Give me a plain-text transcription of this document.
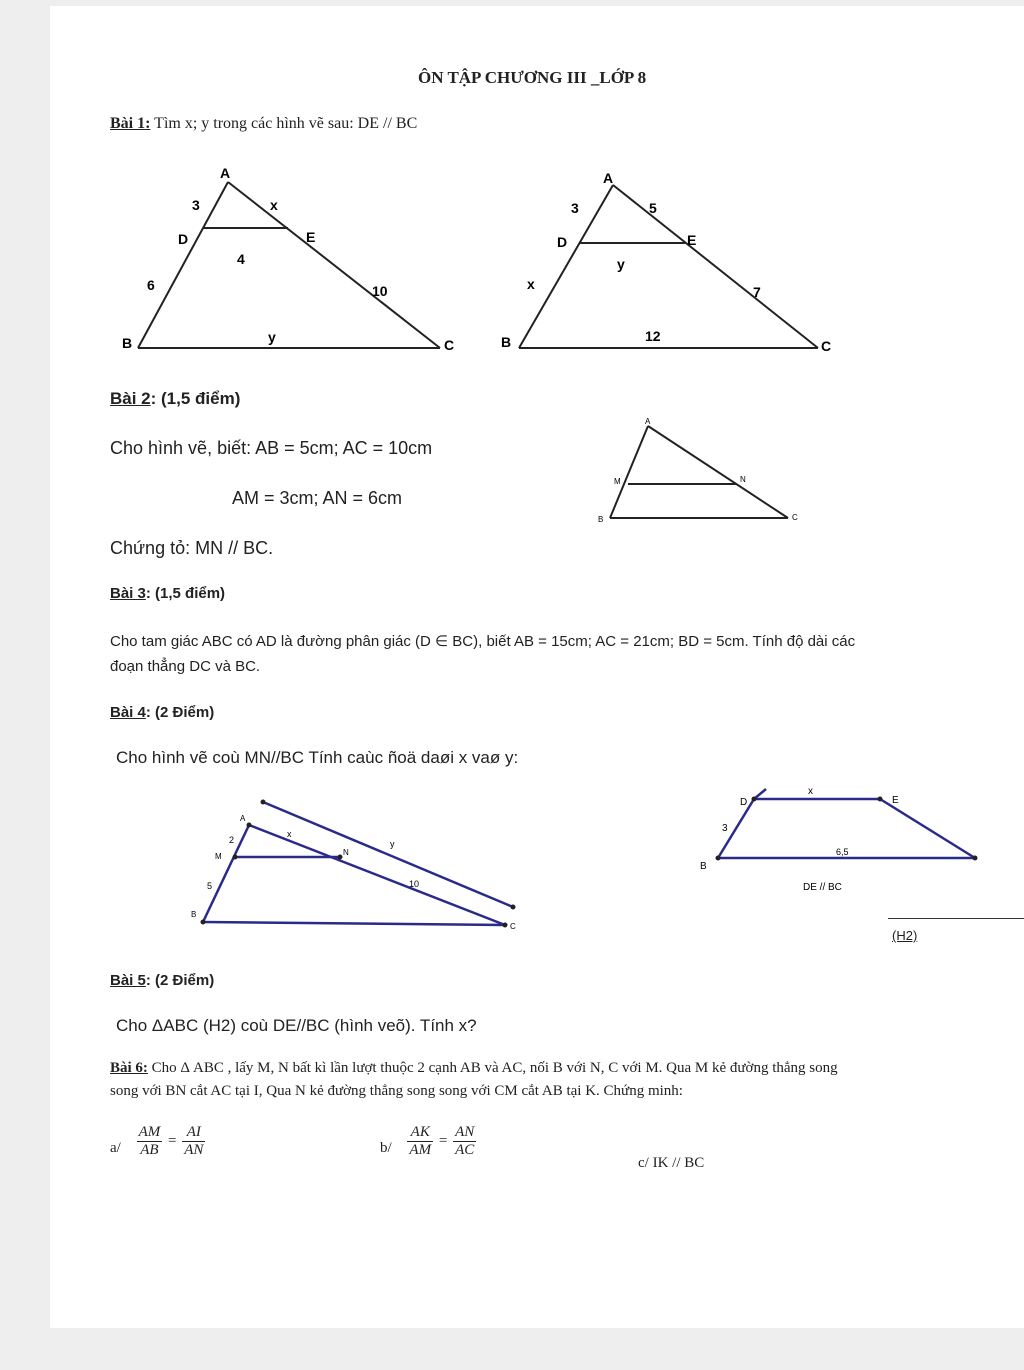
ÔN TẬP CHƯƠNG III _LỚP 8
Bài 1: Tìm x; y trong các hình vẽ sau: DE // BC
A
B	C
D	E
3	x
4
6	10
y
A
B	C
D	E
3	5
y
x	7
12
Bài 2: (1,5 điểm)
Cho hình vẽ, biết: AB = 5cm; AC = 10cm
AM = 3cm; AN = 6cm
Chứng tỏ: MN // BC.
A
M	N
B	C
Bài 3: (1,5 điểm)
Cho tam giác ABC có AD là đường phân giác (D ∈ BC), biết AB = 15cm; AC = 21cm; BD = 5cm. Tính độ dài các
đoạn thẳng DC và BC.
Bài 4: (2 Điểm)
Cho hình vẽ coù MN//BC Tính caùc ñoä daøi x vaø y:
A
M	N
B
C
2
x
5
y
10
D	E
B
3
x
6,5
DE // BC
(H2)
Bài 5: (2 Điểm)
Cho ΔABC (H2) coù DE//BC (hình veõ). Tính x?
Bài 6: Cho Δ ABC , lấy M, N bất kì lần lượt thuộc 2 cạnh AB và AC, nối B với N, C với M. Qua M kẻ đường thẳng song
song với BN cắt AC tại I, Qua N kẻ đường thẳng song song với CM cắt AB tại K. Chứng minh:
$a/ \frac{AM}{AB} = \frac{AI}{AN}$	$b/ \frac{AK}{AM} = \frac{AN}{AC}$
c/ IK // BC
